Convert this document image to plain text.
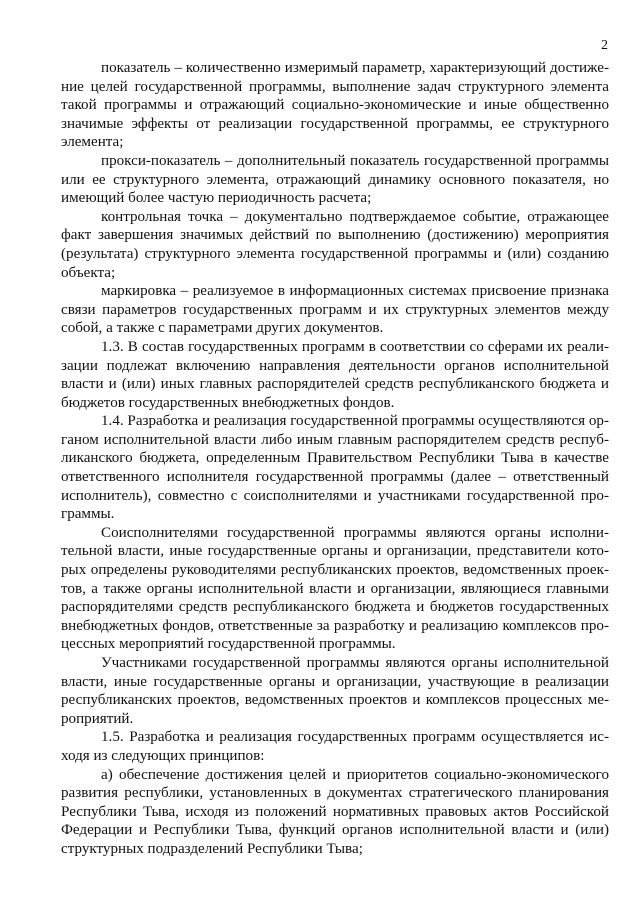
2

показатель – количественно измеримый параметр, характеризующий достижение целей государственной программы, выполнение задач структурного элемента такой программы и отражающий социально-экономические и иные общественно значимые эффекты от реализации государственной программы, ее структурного элемента;

прокси-показатель – дополнительный показатель государственной программы или ее структурного элемента, отражающий динамику основного показателя, но имеющий более частую периодичность расчета;

контрольная точка – документально подтверждаемое событие, отражающее факт завершения значимых действий по выполнению (достижению) мероприятия (результата) структурного элемента государственной программы и (или) созданию объекта;

маркировка – реализуемое в информационных системах присвоение признака связи параметров государственных программ и их структурных элементов между собой, а также с параметрами других документов.

1.3. В состав государственных программ в соответствии со сферами их реализации подлежат включению направления деятельности органов исполнительной власти и (или) иных главных распорядителей средств республиканского бюджета и бюджетов государственных внебюджетных фондов.

1.4. Разработка и реализация государственной программы осуществляются органом исполнительной власти либо иным главным распорядителем средств республиканского бюджета, определенным Правительством Республики Тыва в качестве ответственного исполнителя государственной программы (далее – ответственный исполнитель), совместно с соисполнителями и участниками государственной программы.

Соисполнителями государственной программы являются органы исполнительной власти, иные государственные органы и организации, представители которых определены руководителями республиканских проектов, ведомственных проектов, а также органы исполнительной власти и организации, являющиеся главными распорядителями средств республиканского бюджета и бюджетов государственных внебюджетных фондов, ответственные за разработку и реализацию комплексов процессных мероприятий государственной программы.

Участниками государственной программы являются органы исполнительной власти, иные государственные органы и организации, участвующие в реализации республиканских проектов, ведомственных проектов и комплексов процессных мероприятий.

1.5. Разработка и реализация государственных программ осуществляется исходя из следующих принципов:

а) обеспечение достижения целей и приоритетов социально-экономического развития республики, установленных в документах стратегического планирования Республики Тыва, исходя из положений нормативных правовых актов Российской Федерации и Республики Тыва, функций органов исполнительной власти и (или) структурных подразделений Республики Тыва;
